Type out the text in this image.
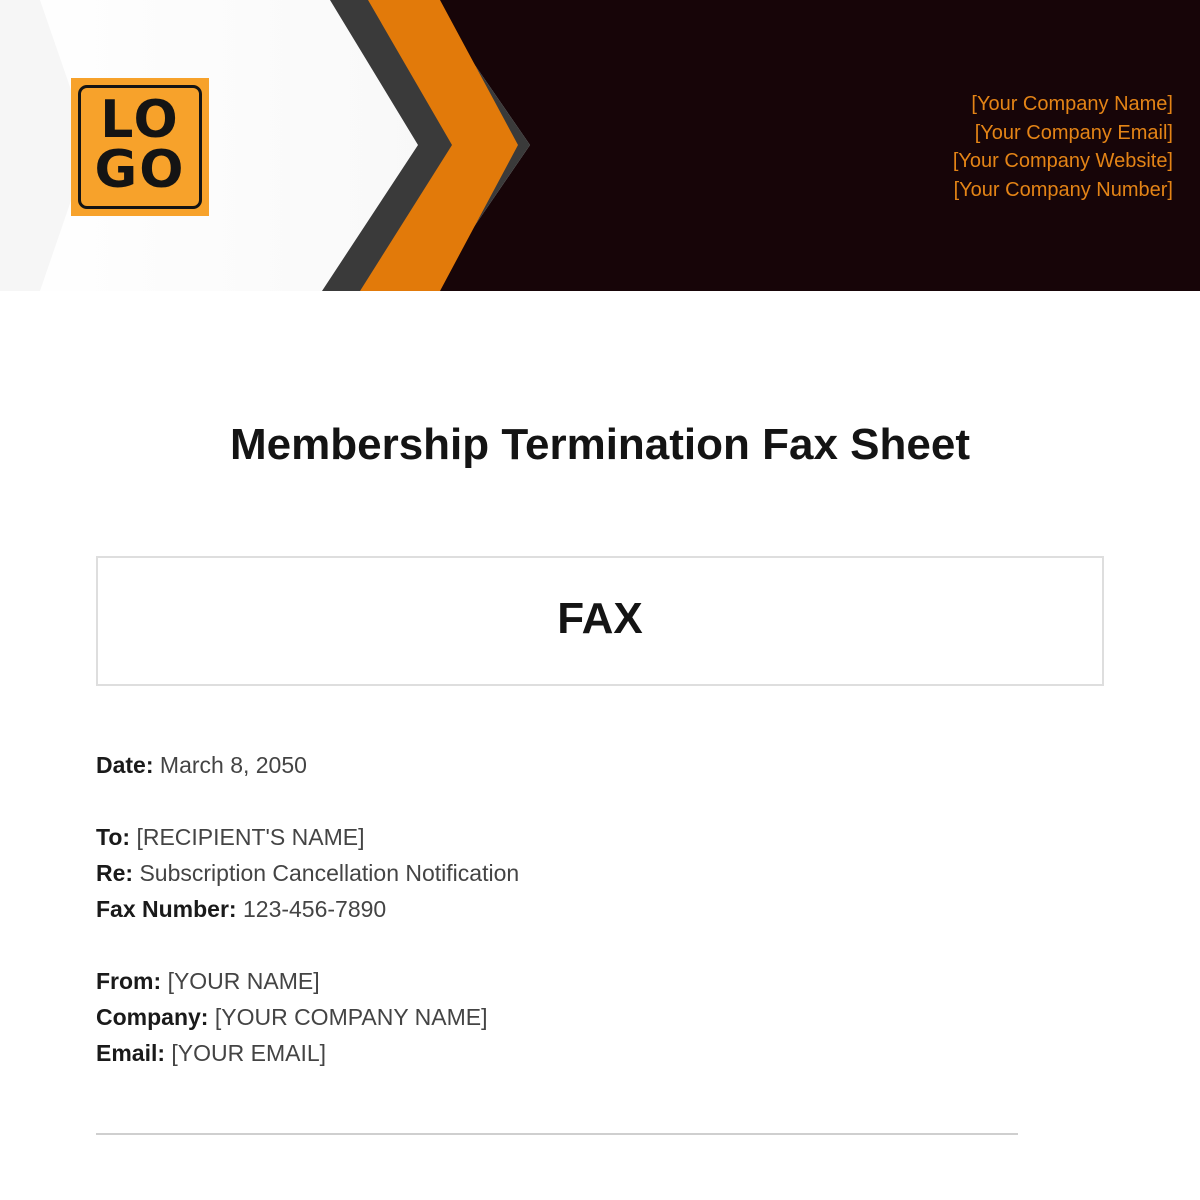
LO
GO
[Your Company Name]
[Your Company Email]
[Your Company Website]
[Your Company Number]
Membership Termination Fax Sheet
FAX
Date: March 8, 2050
To: [RECIPIENT'S NAME]
Re: Subscription Cancellation Notification
Fax Number: 123-456-7890
From: [YOUR NAME]
Company: [YOUR COMPANY NAME]
Email: [YOUR EMAIL]
